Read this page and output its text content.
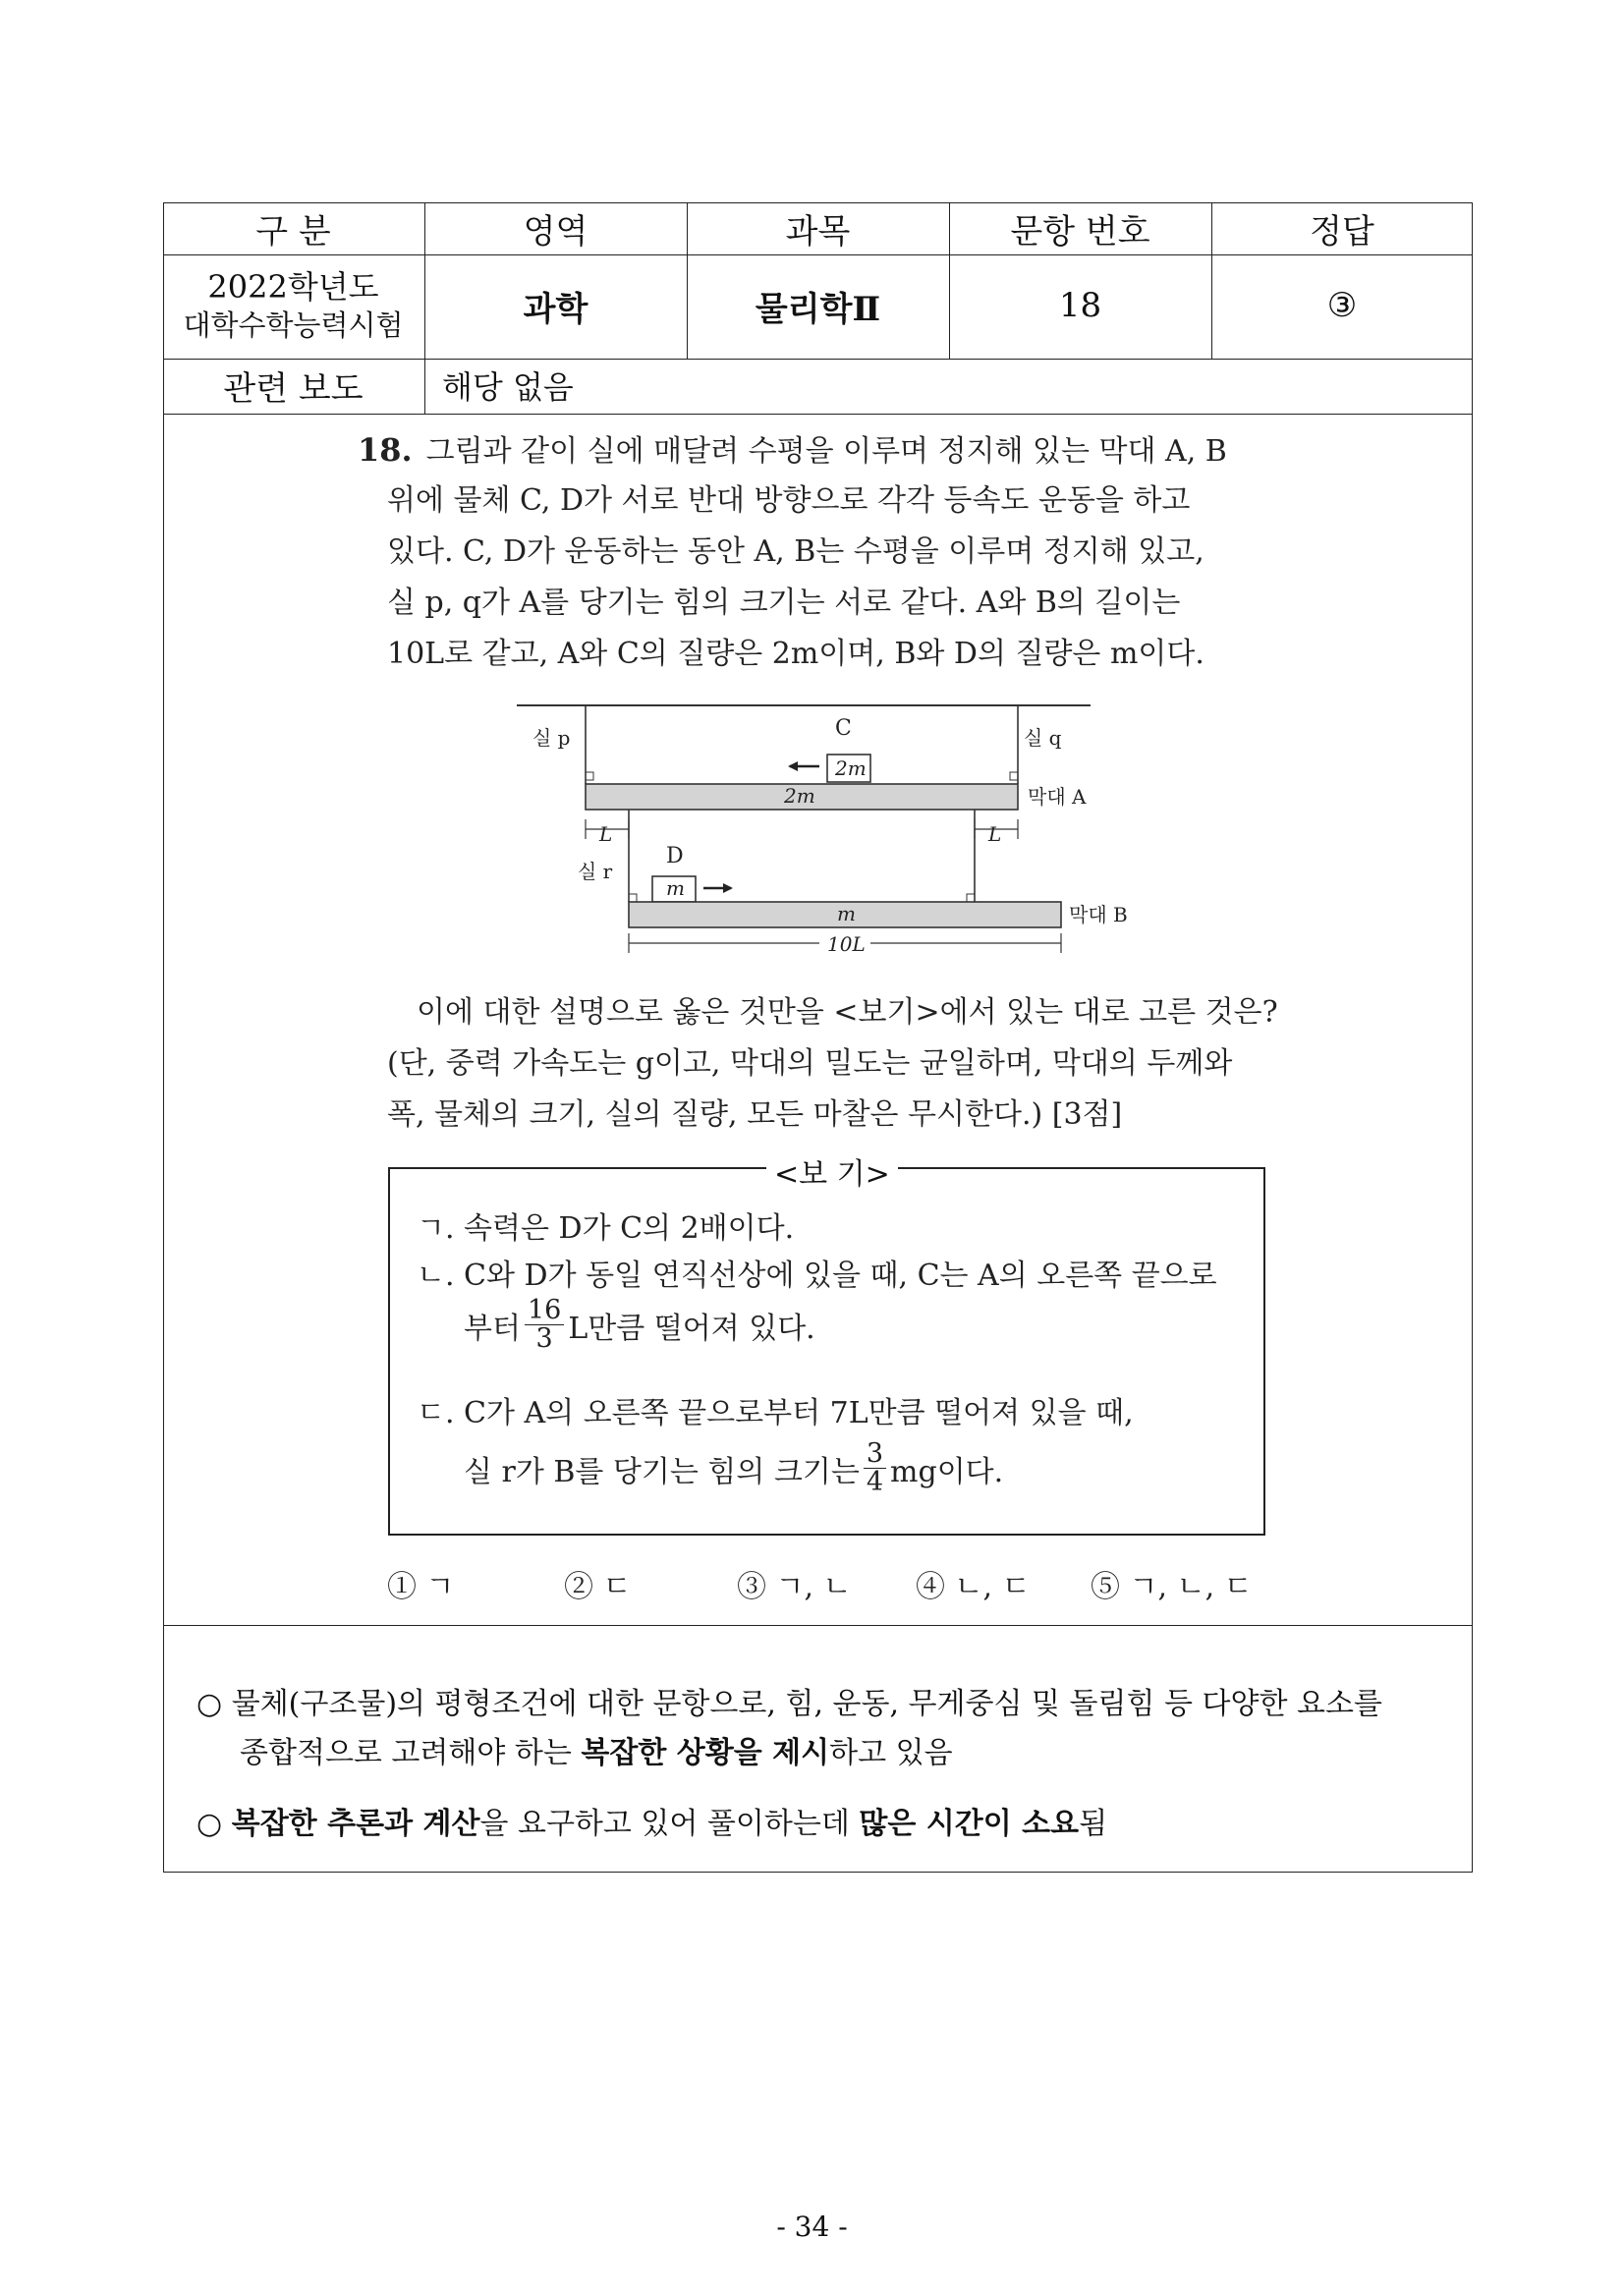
구 분	영역	과목	문항 번호	정답
2022학년도
대학수학능력시험	과학	물리학Ⅱ	18	③
관련 보도	해당 없음
18. 그림과 같이 실에 매달려 수평을 이루며 정지해 있는 막대 A, B
위에 물체 C, D가 서로 반대 방향으로 각각 등속도 운동을 하고
있다. C, D가 운동하는 동안 A, B는 수평을 이루며 정지해 있고,
실 p, q가 A를 당기는 힘의 크기는 서로 같다. A와 B의 길이는
10L로 같고, A와 C의 질량은 2m이며, B와 D의 질량은 m이다.
실 p	실 q
C
2m
2m	막대 A
L	L
실 r
D
m
m	막대 B
10L
이에 대한 설명으로 옳은 것만을 <보기>에서 있는 대로 고른 것은?
(단, 중력 가속도는 g이고, 막대의 밀도는 균일하며, 막대의 두께와
폭, 물체의 크기, 실의 질량, 모든 마찰은 무시한다.) [3점]
<보 기>
ㄱ. 속력은 D가 C의 2배이다.
ㄴ. C와 D가 동일 연직선상에 있을 때, C는 A의 오른쪽 끝으로
부터 $\frac{16}{3}$ L만큼 떨어져 있다.
ㄷ. C가 A의 오른쪽 끝으로부터 7L만큼 떨어져 있을 때,
실 r가 B를 당기는 힘의 크기는 $\frac{3}{4}$ mg이다.
① ㄱ	② ㄷ	③ ㄱ, ㄴ ④ ㄴ, ㄷ ⑤ ㄱ, ㄴ, ㄷ
○ 물체(구조물)의 평형조건에 대한 문항으로, 힘, 운동, 무게중심 및 돌림힘 등 다양한 요소를
종합적으로 고려해야 하는 복잡한 상황을 제시하고 있음
○ 복잡한 추론과 계산을 요구하고 있어 풀이하는데 많은 시간이 소요됨
- 34 -
